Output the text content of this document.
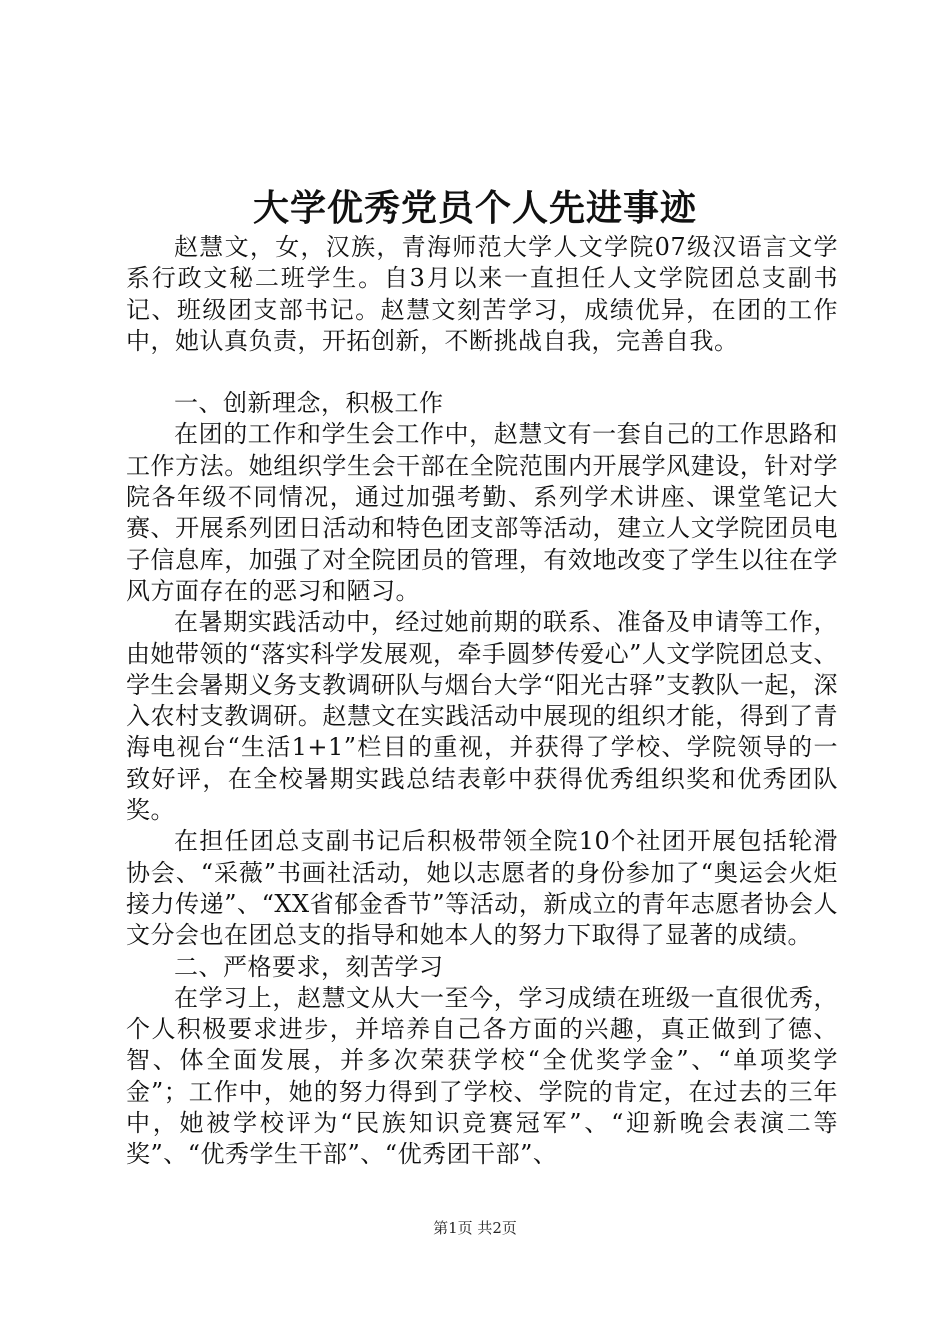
大学优秀党员个人先进事迹

赵慧文，女，汉族，青海师范大学人文学院07级汉语言文学系行政文秘二班学生。自3月以来一直担任人文学院团总支副书记、班级团支部书记。赵慧文刻苦学习，成绩优异，在团的工作中，她认真负责，开拓创新，不断挑战自我，完善自我。

一、创新理念，积极工作

在团的工作和学生会工作中，赵慧文有一套自己的工作思路和工作方法。她组织学生会干部在全院范围内开展学风建设，针对学院各年级不同情况，通过加强考勤、系列学术讲座、课堂笔记大赛、开展系列团日活动和特色团支部等活动，建立人文学院团员电子信息库，加强了对全院团员的管理，有效地改变了学生以往在学风方面存在的恶习和陋习。

在暑期实践活动中，经过她前期的联系、准备及申请等工作，由她带领的“落实科学发展观，牵手圆梦传爱心”人文学院团总支、学生会暑期义务支教调研队与烟台大学“阳光古驿”支教队一起，深入农村支教调研。赵慧文在实践活动中展现的组织才能，得到了青海电视台“生活1+1”栏目的重视，并获得了学校、学院领导的一致好评，在全校暑期实践总结表彰中获得优秀组织奖和优秀团队奖。

在担任团总支副书记后积极带领全院10个社团开展包括轮滑协会、“采薇”书画社活动，她以志愿者的身份参加了“奥运会火炬接力传递”、“XX省郁金香节”等活动，新成立的青年志愿者协会人文分会也在团总支的指导和她本人的努力下取得了显著的成绩。

二、严格要求，刻苦学习

在学习上，赵慧文从大一至今，学习成绩在班级一直很优秀，个人积极要求进步，并培养自己各方面的兴趣，真正做到了德、智、体全面发展，并多次荣获学校“全优奖学金”、“单项奖学金”；工作中，她的努力得到了学校、学院的肯定，在过去的三年中，她被学校评为“民族知识竞赛冠军”、“迎新晚会表演二等奖”、“优秀学生干部”、“优秀团干部”、

第1页 共2页
